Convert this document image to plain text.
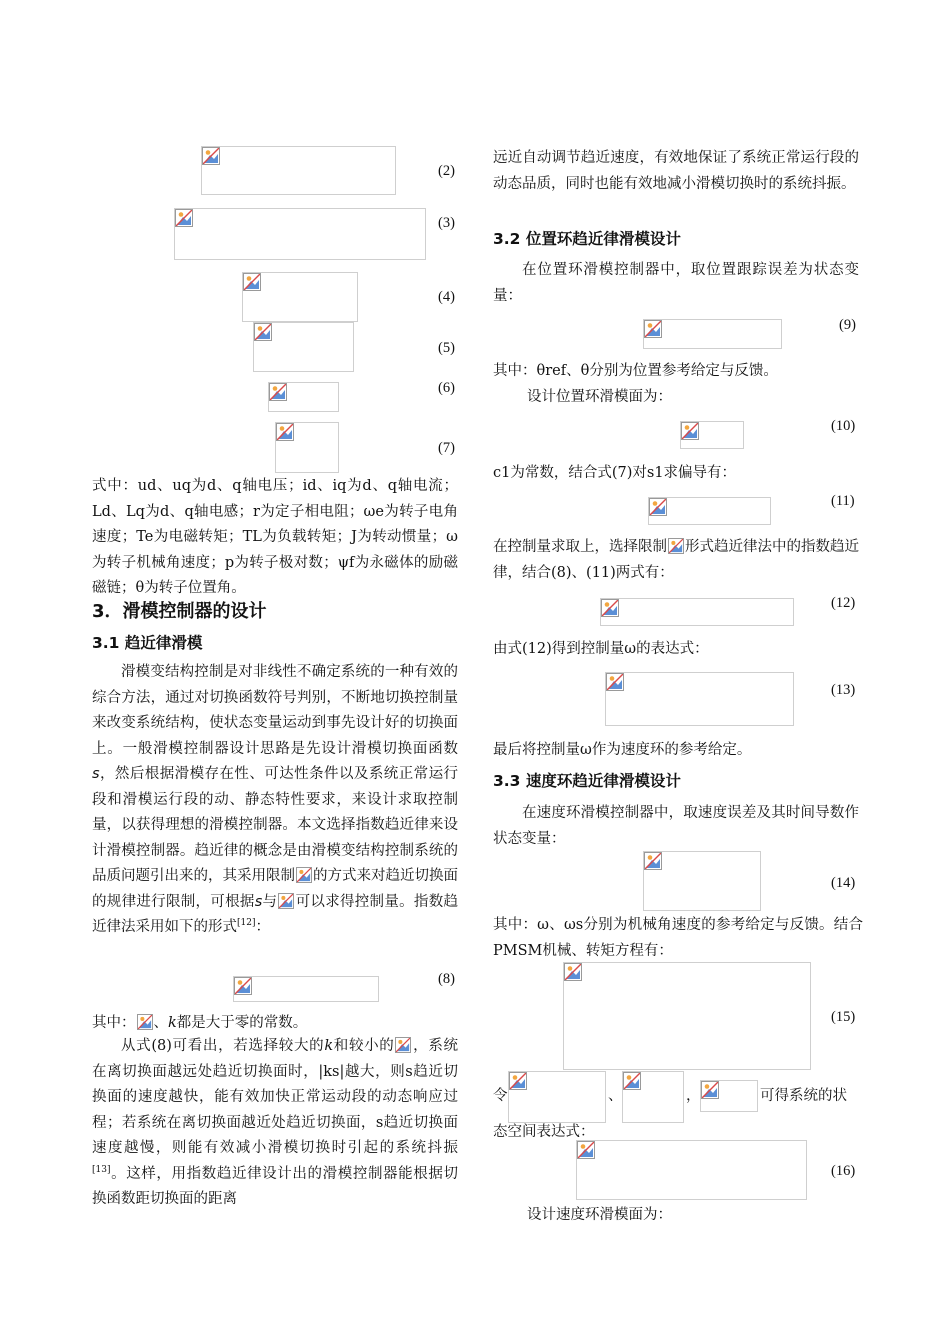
(2)
(3)
(4)
(5)
(6)
(7)
式中：ud、uq为d、q轴电压；id、iq为d、q轴电流；Ld、Lq为d、q轴电感；r为定子相电阻；ωe为转子电角速度；Te为电磁转矩；TL为负载转矩；J为转动惯量；ω为转子机械角速度；p为转子极对数；ψf为永磁体的励磁磁链；θ为转子位置角。
3．滑模控制器的设计
3.1 趋近律滑模
滑模变结构控制是对非线性不确定系统的一种有效的综合方法，通过对切换函数符号判别，不断地切换控制量来改变系统结构，使状态变量运动到事先设计好的切换面上。一般滑模控制器设计思路是先设计滑模切换面函数s，然后根据滑模存在性、可达性条件以及系统正常运行段和滑模运行段的动、静态特性要求，来设计求取控制量，以获得理想的滑模控制器。本文选择指数趋近律来设计滑模控制器。趋近律的概念是由滑模变结构控制系统的品质问题引出来的，其采用限制 的方式来对趋近切换面的规律进行限制，可根据s与 可以求得控制量。指数趋近律法采用如下的形式[12]：
(8)
其中： 、k都是大于零的常数。
从式(8)可看出，若选择较大的k和较小的 ，系统在离切换面越远处趋近切换面时，|ks|越大，则s趋近切换面的速度越快，能有效加快正常运动段的动态响应过程；若系统在离切换面越近处趋近切换面，s趋近切换面速度越慢，则能有效减小滑模切换时引起的系统抖振[13]。这样，用指数趋近律设计出的滑模控制器能根据切换函数距切换面的距离
远近自动调节趋近速度，有效地保证了系统正常运行段的动态品质，同时也能有效地减小滑模切换时的系统抖振。
3.2 位置环趋近律滑模设计
在位置环滑模控制器中，取位置跟踪误差为状态变量：
(9)
其中：θref、θ分别为位置参考给定与反馈。
设计位置环滑模面为：
(10)
c1为常数，结合式(7)对s1求偏导有：
(11)
在控制量求取上，选择限制 形式趋近律法中的指数趋近律，结合(8)、(11)两式有：
(12)
由式(12)得到控制量ω的表达式：
(13)
最后将控制量ω作为速度环的参考给定。
3.3 速度环趋近律滑模设计
在速度环滑模控制器中，取速度误差及其时间导数作状态变量：
(14)
其中：ω、ωs分别为机械角速度的参考给定与反馈。结合PMSM机械、转矩方程有：
(15)
令	、	，	可得系统的状
态空间表达式：
(16)
设计速度环滑模面为：
